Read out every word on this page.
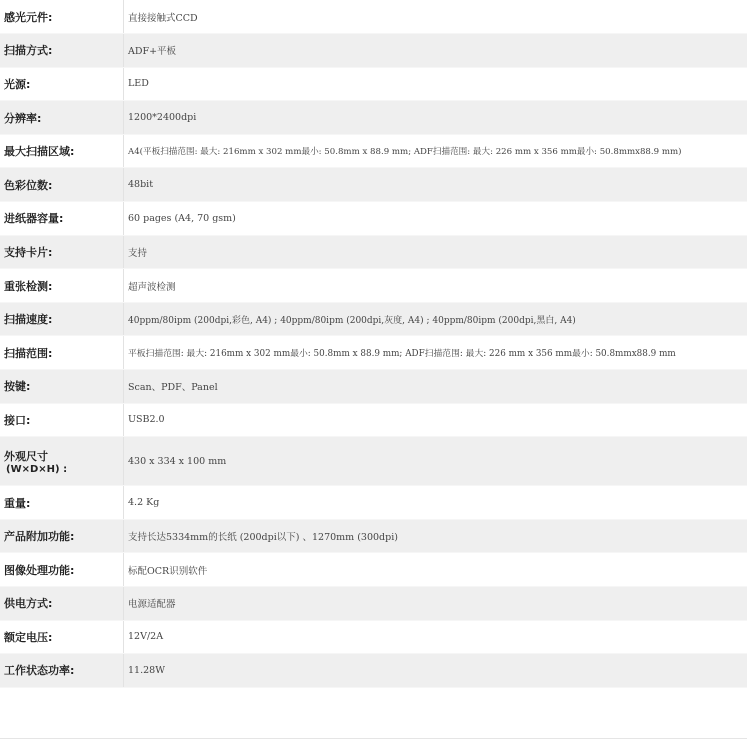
感光元件:	直接接触式CCD
扫描方式:	ADF+平板
光源:	LED
分辨率:	1200*2400dpi
最大扫描区域:	A4(平板扫描范围: 最大: 216mm x 302 mm最小: 50.8mm x 88.9 mm; ADF扫描范围: 最大: 226 mm x 356 mm最小: 50.8mmx88.9 mm)
色彩位数:	48bit
进纸器容量:	60 pages (A4, 70 gsm)
支持卡片:	支持
重张检测:	超声波检测
扫描速度:	40ppm/80ipm (200dpi,彩色, A4) ; 40ppm/80ipm (200dpi,灰度, A4) ; 40ppm/80ipm (200dpi,黑白, A4)
扫描范围:	平板扫描范围: 最大: 216mm x 302 mm最小: 50.8mm x 88.9 mm; ADF扫描范围: 最大: 226 mm x 356 mm最小: 50.8mmx88.9 mm
按键:	Scan、PDF、Panel
接口:	USB2.0
外观尺寸
(W×D×H) :	430 x 334 x 100 mm
重量:	4.2 Kg
产品附加功能:	支持长达5334mm的长纸 (200dpi以下) 、1270mm (300dpi)
图像处理功能:	标配OCR识别软件
供电方式:	电源适配器
额定电压:	12V/2A
工作状态功率:	11.28W
